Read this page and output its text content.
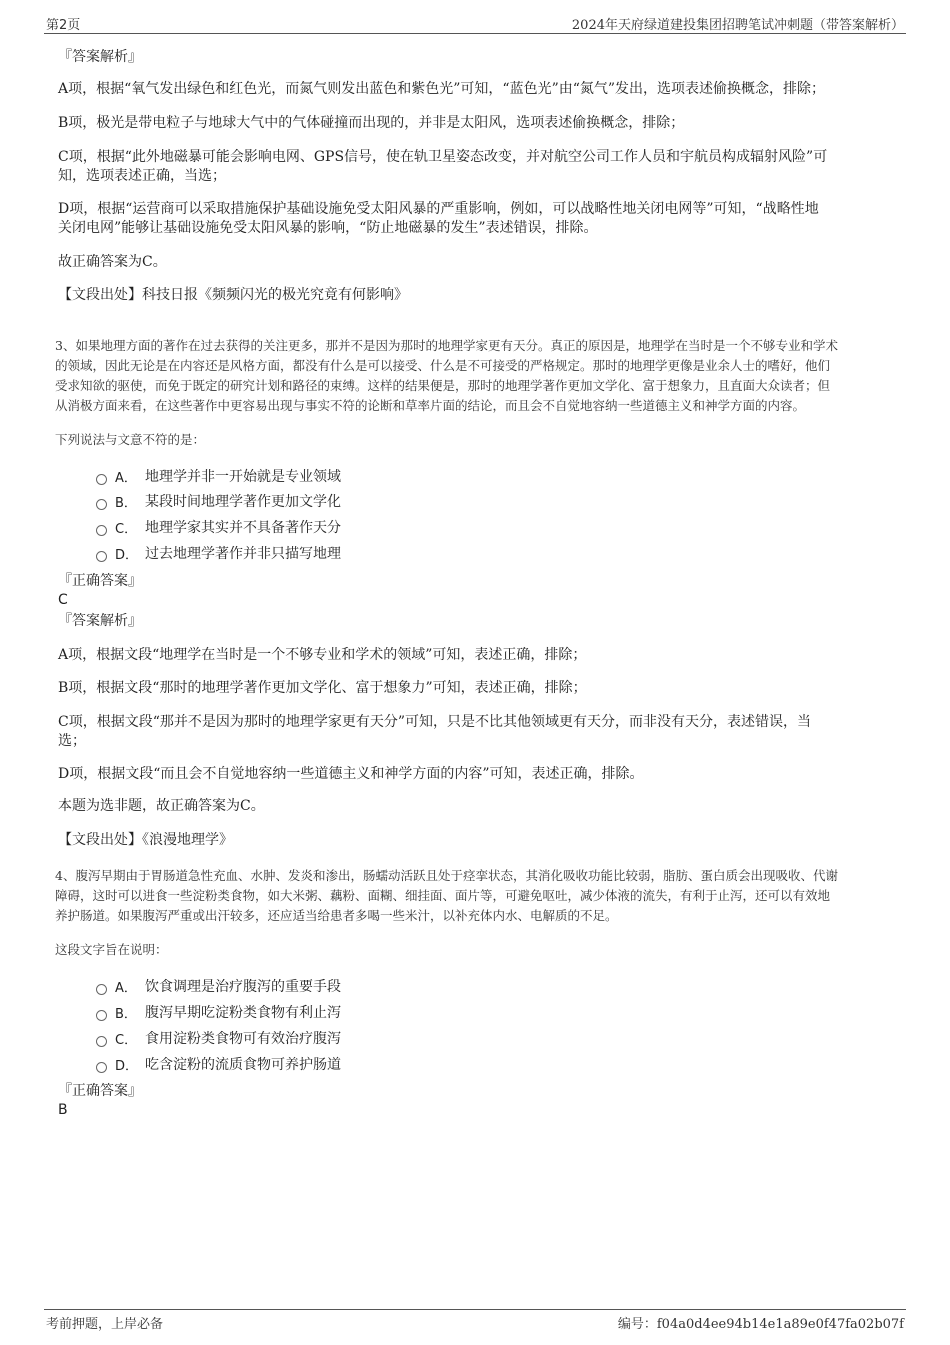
第2页	2024年天府绿道建投集团招聘笔试冲刺题（带答案解析）
『答案解析』
A项，根据“氧气发出绿色和红色光，而氮气则发出蓝色和紫色光”可知，“蓝色光”由“氮气”发出，选项表述偷换概念，排除；
B项，极光是带电粒子与地球大气中的气体碰撞而出现的，并非是太阳风，选项表述偷换概念，排除；
C项，根据“此外地磁暴可能会影响电网、GPS信号，使在轨卫星姿态改变，并对航空公司工作人员和宇航员构成辐射风险”可
知，选项表述正确，当选；
D项，根据“运营商可以采取措施保护基础设施免受太阳风暴的严重影响，例如，可以战略性地关闭电网等”可知，“战略性地
关闭电网”能够让基础设施免受太阳风暴的影响，“防止地磁暴的发生”表述错误，排除。
故正确答案为C。
【文段出处】科技日报《频频闪光的极光究竟有何影响》
3、如果地理方面的著作在过去获得的关注更多，那并不是因为那时的地理学家更有天分。真正的原因是，地理学在当时是一个不够专业和学术
的领域，因此无论是在内容还是风格方面，都没有什么是可以接受、什么是不可接受的严格规定。那时的地理学更像是业余人士的嗜好，他们
受求知欲的驱使，而免于既定的研究计划和路径的束缚。这样的结果便是，那时的地理学著作更加文学化、富于想象力，且直面大众读者；但
从消极方面来看，在这些著作中更容易出现与事实不符的论断和草率片面的结论，而且会不自觉地容纳一些道德主义和神学方面的内容。
下列说法与文意不符的是：
A． 地理学并非一开始就是专业领域
B． 某段时间地理学著作更加文学化
C． 地理学家其实并不具备著作天分
D． 过去地理学著作并非只描写地理
『正确答案』
C
『答案解析』
A项，根据文段“地理学在当时是一个不够专业和学术的领域”可知，表述正确，排除；
B项，根据文段“那时的地理学著作更加文学化、富于想象力”可知，表述正确，排除；
C项，根据文段“那并不是因为那时的地理学家更有天分”可知，只是不比其他领域更有天分，而非没有天分，表述错误，当
选；
D项，根据文段“而且会不自觉地容纳一些道德主义和神学方面的内容”可知，表述正确，排除。
本题为选非题，故正确答案为C。
【文段出处】《浪漫地理学》
4、腹泻早期由于胃肠道急性充血、水肿、发炎和渗出，肠蠕动活跃且处于痉挛状态，其消化吸收功能比较弱，脂肪、蛋白质会出现吸收、代谢
障碍，这时可以进食一些淀粉类食物，如大米粥、藕粉、面糊、细挂面、面片等，可避免呕吐，减少体液的流失，有利于止泻，还可以有效地
养护肠道。如果腹泻严重或出汗较多，还应适当给患者多喝一些米汁，以补充体内水、电解质的不足。
这段文字旨在说明：
A． 饮食调理是治疗腹泻的重要手段
B． 腹泻早期吃淀粉类食物有利止泻
C． 食用淀粉类食物可有效治疗腹泻
D． 吃含淀粉的流质食物可养护肠道
『正确答案』
B
考前押题，上岸必备	编号：f04a0d4ee94b14e1a89e0f47fa02b07f
